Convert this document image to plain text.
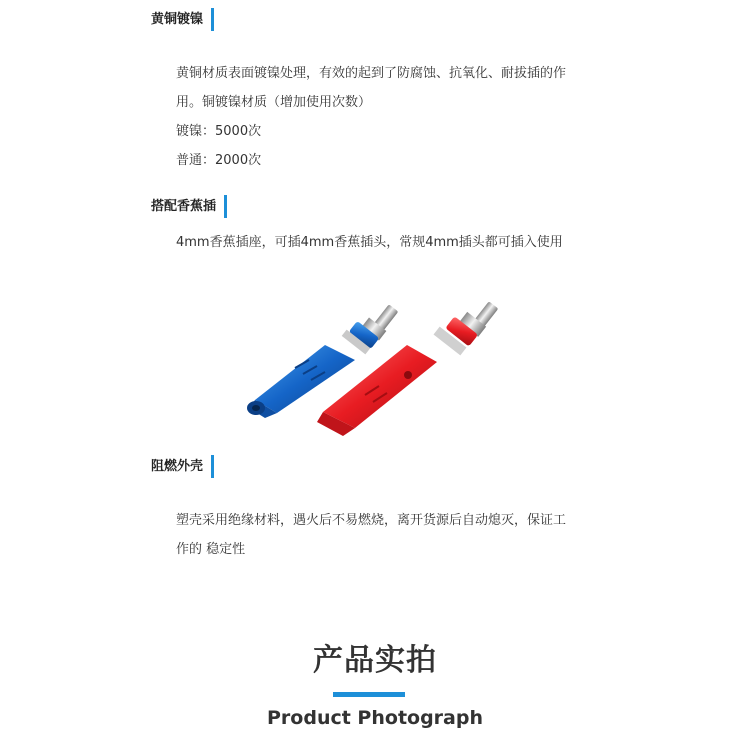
黄铜镀镍
黄铜材质表面镀镍处理，有效的起到了防腐蚀、抗氧化、耐拔插的作
用。铜镀镍材质（增加使用次数）
镀镍：5000次
普通：2000次
搭配香蕉插
4mm香蕉插座，可插4mm香蕉插头，常规4mm插头都可插入使用
阻燃外壳
塑壳采用绝缘材料，遇火后不易燃烧，离开货源后自动熄灭，保证工
作的 稳定性
产品实拍
Product Photograph
